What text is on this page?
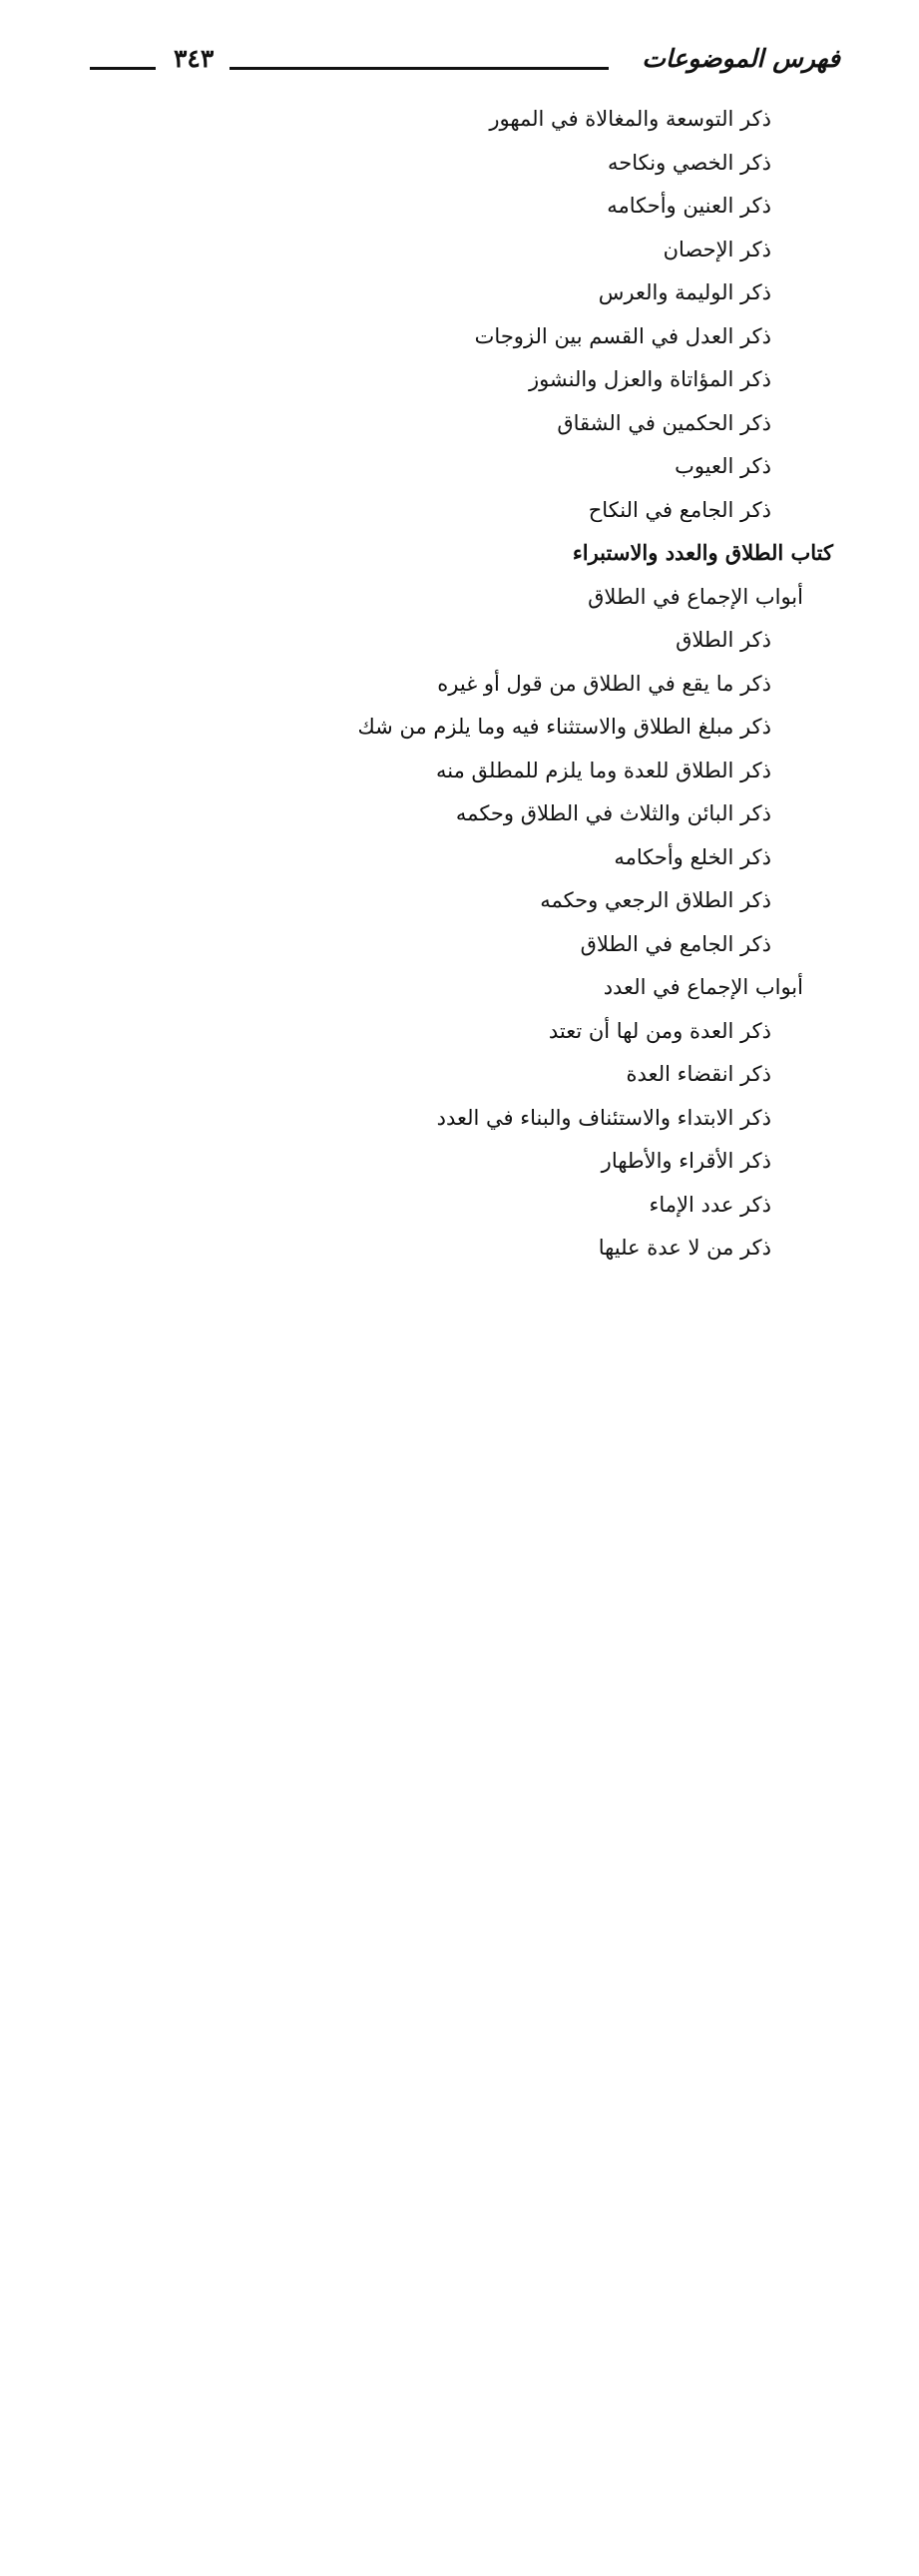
٣٤٣	فهرس الموضوعات
ذكر التوسعة والمغالاة في المهور
ذكر الخصي ونكاحه
ذكر العنين وأحكامه
ذكر الإحصان
ذكر الوليمة والعرس
ذكر العدل في القسم بين الزوجات
ذكر المؤاتاة والعزل والنشوز
ذكر الحكمين في الشقاق
ذكر العيوب
ذكر الجامع في النكاح
كتاب الطلاق والعدد والاستبراء
أبواب الإجماع في الطلاق
ذكر الطلاق
ذكر ما يقع في الطلاق من قول أو غيره
ذكر مبلغ الطلاق والاستثناء فيه وما يلزم من شك
ذكر الطلاق للعدة وما يلزم للمطلق منه
ذكر البائن والثلاث في الطلاق وحكمه
ذكر الخلع وأحكامه
ذكر الطلاق الرجعي وحكمه
ذكر الجامع في الطلاق
أبواب الإجماع في العدد
ذكر العدة ومن لها أن تعتد
ذكر انقضاء العدة
ذكر الابتداء والاستئناف والبناء في العدد
ذكر الأقراء والأطهار
ذكر عدد الإماء
ذكر من لا عدة عليها
